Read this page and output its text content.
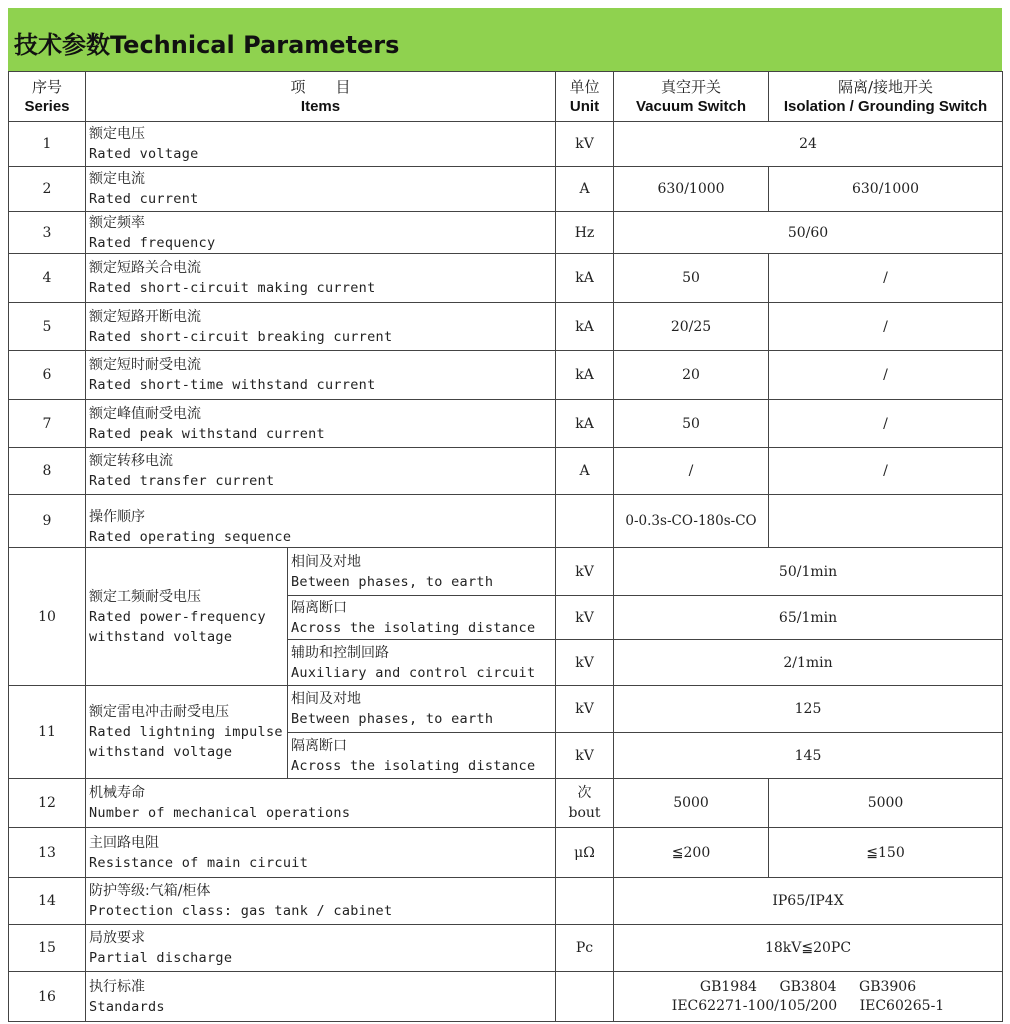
技术参数Technical Parameters
序号
Series	项　　目
Items		单位
Unit	真空开关
Vacuum Switch	隔离/接地开关
Isolation / Grounding Switch

1	额定电压
Rated voltage		kV	24	
2	额定电流
Rated current		A	630/1000	630/1000
3	额定频率
Rated frequency		Hz	50/60	
4	额定短路关合电流
Rated short-circuit making current		kA	50	/
5	额定短路开断电流
Rated short-circuit breaking current		kA	20/25	/
6	额定短时耐受电流
Rated short-time withstand current		kA	20	/
7	额定峰值耐受电流
Rated peak withstand current		kA	50	/
8	额定转移电流
Rated transfer current		A	/	/
9	操作顺序
Rated operating sequence			0-0.3s-CO-180s-CO	
10	额定工频耐受电压
Rated power-frequency
withstand voltage	相间及对地
Between phases, to earth	kV	50/1min	

		隔离断口
Across the isolating distance	kV	65/1min	

		辅助和控制回路
Auxiliary and control circuit	kV	2/1min	
11	额定雷电冲击耐受电压
Rated lightning impulse
withstand voltage	相间及对地
Between phases, to earth	kV	125	

		隔离断口
Across the isolating distance	kV	145	
12	机械寿命
Number of mechanical operations		次
bout	5000	5000
13	主回路电阻
Resistance of main circuit		μΩ	≦200	≦150
14	防护等级:气箱/柜体
Protection class: gas tank / cabinet			IP65/IP4X	
15	局放要求
Partial discharge		Pc	18kV≦20PC	
16	执行标准
Standards			GB1984 GB3804 GB3906
IEC62271-100/105/200 IEC60265-1	
